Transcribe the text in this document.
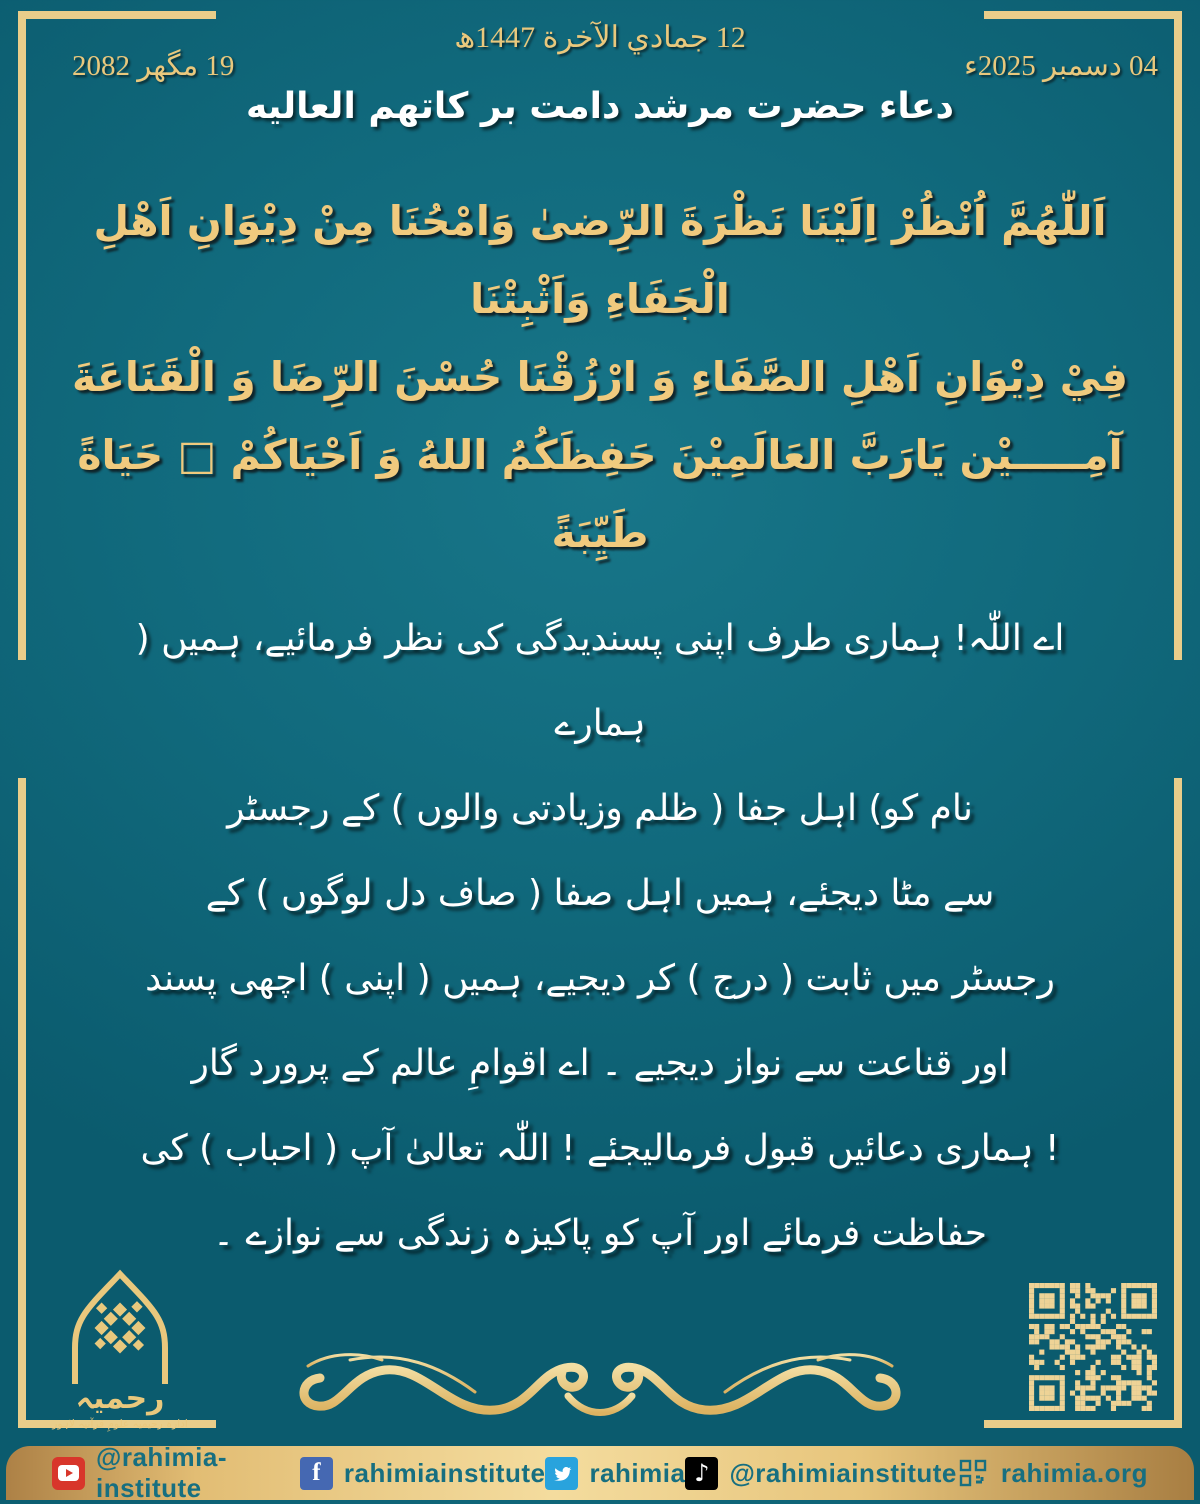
12 جمادي الآخرة 1447ھ
04 دسمبر 2025ء
19 مگھر 2082
دعاء حضرت مرشد دامت بر کاتهم العالیه
اَللّٰهُمَّ اُنْظُرْ اِلَيْنَا نَظْرَةَ الرِّضىٰ وَامْحُنَا مِنْ دِيْوَانِ اَهْلِ الْجَفَاءِ وَاَثْبِتْنَا
فِيْ دِيْوَانِ اَهْلِ الصَّفَاءِ وَ ارْزُقْنَا حُسْنَ الرِّضَا وَ الْقَنَاعَةَ
آمِـــــيْن يَارَبَّ العَالَمِيْنَ حَفِظَكُمُ اللهُ وَ اَحْيَاكُمْ □ حَيَاةً طَيِّبَةً
اے اللّٰہ! ہماری طرف اپنی پسندیدگی کی نظر فرمائیے، ہمیں ( ہمارے
نام کو) اہل جفا ( ظلم وزیادتی والوں ) کے رجسٹر
سے مٹا دیجئے، ہمیں اہل صفا ( صاف دل لوگوں ) کے
رجسٹر میں ثابت ( درج ) کر دیجیے، ہمیں ( اپنی ) اچھی پسند
اور قناعت سے نواز دیجیے ۔ اے اقوامِ عالم کے پرورد گار
! ہماری دعائیں قبول فرمالیجئے ! اللّٰہ تعالیٰ آپ ( احباب ) کی
حفاظت فرمائے اور آپ کو پاکیزہ زندگی سے نوازے ۔
رحمیہ
ادارہ رحیمیہ علومِ قرآنیہ لاہور
@rahimia-institute
f rahimiainstitute rahimia ♪ @rahimiainstitute rahimia.org
